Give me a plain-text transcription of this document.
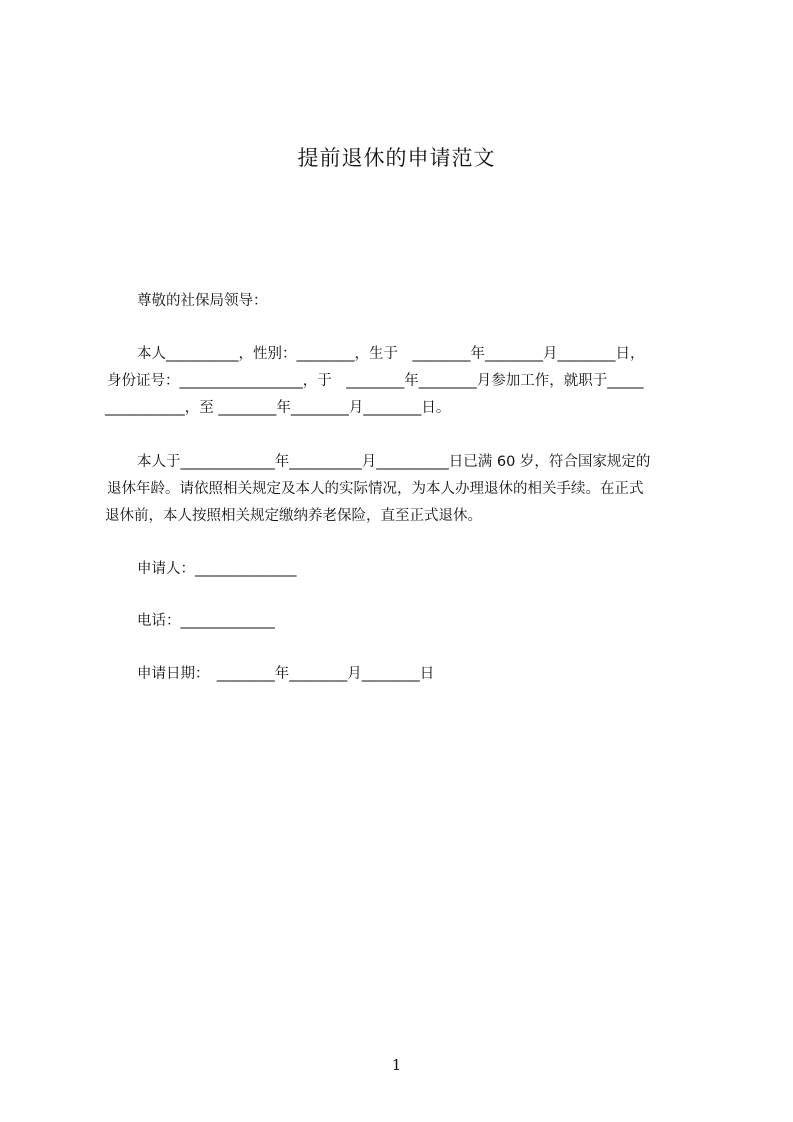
提前退休的申请范文
尊敬的社保局领导：
本人__________，性别：________，生于　________年________月________日，
身份证号：_________________，于　________年________月参加工作，就职于_____
___________，至 ________年________月________日。
本人于_____________年__________月__________日已满 60 岁，符合国家规定的
退休年龄。请依照相关规定及本人的实际情况，为本人办理退休的相关手续。在正式
退休前，本人按照相关规定缴纳养老保险，直至正式退休。
申请人：______________
电话：_____________
申请日期：　________年________月________日
1
